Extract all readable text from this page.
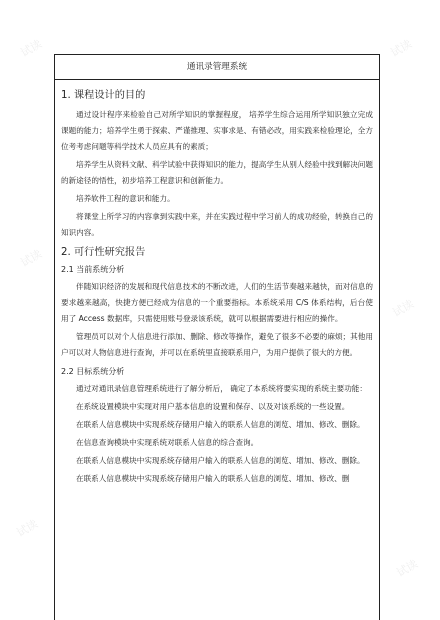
试读	试读
试读
试读
试读
试读
通讯录管理系统
1. 课程设计的目的

通过设计程序来检验自己对所学知识的掌握程度， 培养学生综合运用所学知识独立完成课题的能力；培养学生勇于探索、严谨推理、实事求是、有错必改，用实践来检验理论，全方位考考虑问题等科学技术人员应具有的素质；

培养学生从资料文献、科学试验中获得知识的能力，提高学生从别人经验中找到解决问题的新途径的悟性，初步培养工程意识和创新能力。

培养软件工程的意识和能力。

将课堂上所学习的内容拿到实践中来，并在实践过程中学习前人的成功经验，转换自己的知识内容。

2. 可行性研究报告
2.1 当前系统分析

伴随知识经济的发展和现代信息技术的不断改进，人们的生活节奏越来越快，而对信息的要求越来越高，快捷方便已经成为信息的一个重要指标。本系统采用 C/S 体系结构，后台使用了 Access 数据库，只需使用账号登录该系统，就可以根据需要进行相应的操作。

管理员可以对个人信息进行添加、删除、修改等操作，避免了很多不必要的麻烦；其他用户可以对人物信息进行查询，并可以在系统里直接联系用户，为用户提供了很大的方便。

2.2 目标系统分析

通过对通讯录信息管理系统进行了解分析后， 确定了本系统将要实现的系统主要功能：

在系统设置模块中实现对用户基本信息的设置和保存、以及对该系统的一些设置。

在联系人信息模块中实现系统存储用户输入的联系人信息的浏览、增加、修改、删除。

在信息查询模块中实现系统对联系人信息的综合查询。

在联系人信息模块中实现系统存储用户输入的联系人信息的浏览、增加、修改、删除。

在联系人信息模块中实现系统存储用户输入的联系人信息的浏览、增加、修改、删
